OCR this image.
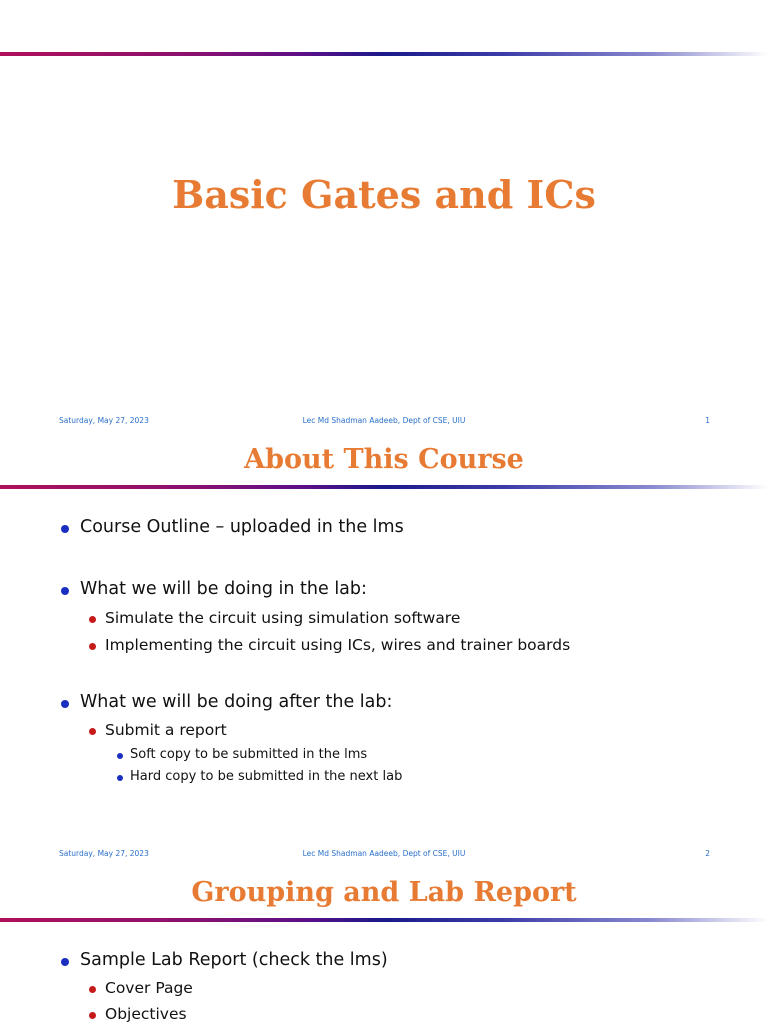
Basic Gates and ICs
Saturday, May 27, 2023	Lec Md Shadman Aadeeb, Dept of CSE, UIU	1
About This Course
Course Outline – uploaded in the lms
What we will be doing in the lab:
Simulate the circuit using simulation software
Implementing the circuit using ICs, wires and trainer boards
What we will be doing after the lab:
Submit a report
Soft copy to be submitted in the lms
Hard copy to be submitted in the next lab
Saturday, May 27, 2023	Lec Md Shadman Aadeeb, Dept of CSE, UIU	2
Grouping and Lab Report
Sample Lab Report (check the lms)
Cover Page
Objectives
